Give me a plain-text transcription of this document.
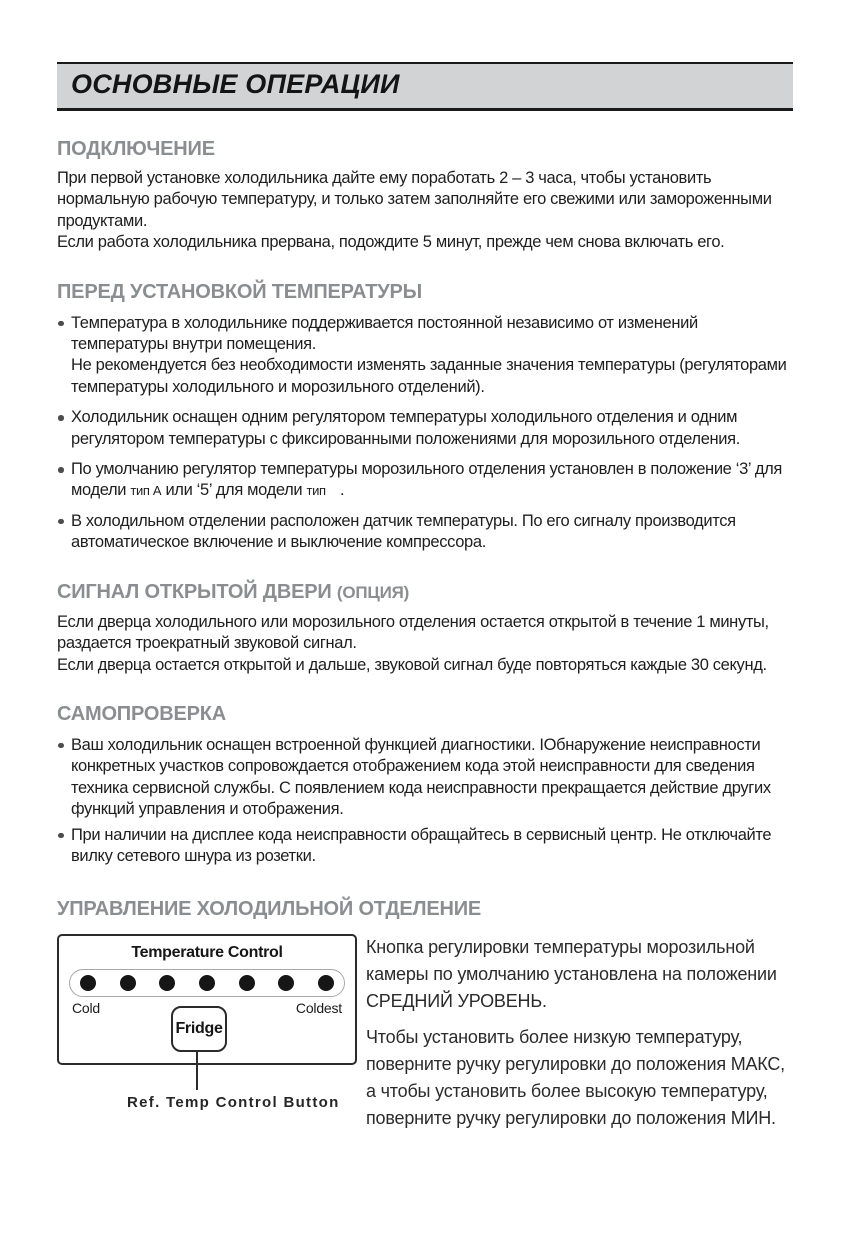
ОСНОВНЫЕ ОПЕРАЦИИ
ПОДКЛЮЧЕНИЕ

При первой установке холодильника дайте ему поработать 2 – 3 часа, чтобы установить нормальную рабочую температуру, и только затем заполняйте его свежими или замороженными продуктами.

Если работа холодильника прервана, подождите 5 минут, прежде чем снова включать его.

ПЕРЕД УСТАНОВКОЙ ТЕМПЕРАТУРЫ

Температура в холодильнике поддерживается постоянной независимо от изменений температуры внутри помещения.

Не рекомендуется без необходимости изменять заданные значения температуры (регуляторами температуры холодильного и морозильного отделений).

Холодильник оснащен одним регулятором температуры холодильного отделения и одним регулятором температуры с фиксированными положениями для морозильного отделения.
По умолчанию регулятор температуры морозильного отделения установлен в положение ‘3’ для модели тип А или ‘5’ для модели тип .
В холодильном отделении расположен датчик температуры. По его сигналу производится автоматическое включение и выключение компрессора.
СИГНАЛ ОТКРЫТОЙ ДВЕРИ (ОПЦИЯ)

Если дверца холодильного или морозильного отделения остается открытой в течение 1 минуты, раздается троекратный звуковой сигнал.

Если дверца остается открытой и дальше, звуковой сигнал буде повторяться каждые 30 секунд.

САМОПРОВЕРКА
Ваш холодильник оснащен встроенной функцией диагностики. IОбнаружение неисправности конкретных участков сопровождается отображением кода этой неисправности для сведения техника сервисной службы. С появлением кода неисправности прекращается действие других функций управления и отображения.
При наличии на дисплее кода неисправности обращайтесь в сервисный центр. Не отключайте вилку сетевого шнура из розетки.
УПРАВЛЕНИЕ ХОЛОДИЛЬНОЙ ОТДЕЛЕНИЕ
Temperature Control
Cold	Coldest
Fridge
Ref. Temp Control Button

Кнопка регулировки температуры морозильной камеры по умолчанию установлена на положении СРЕДНИЙ УРОВЕНЬ.

Чтобы установить более низкую температуру, поверните ручку регулировки до положения МАКС, а чтобы установить более высокую температуру, поверните ручку регулировки до положения МИН.
